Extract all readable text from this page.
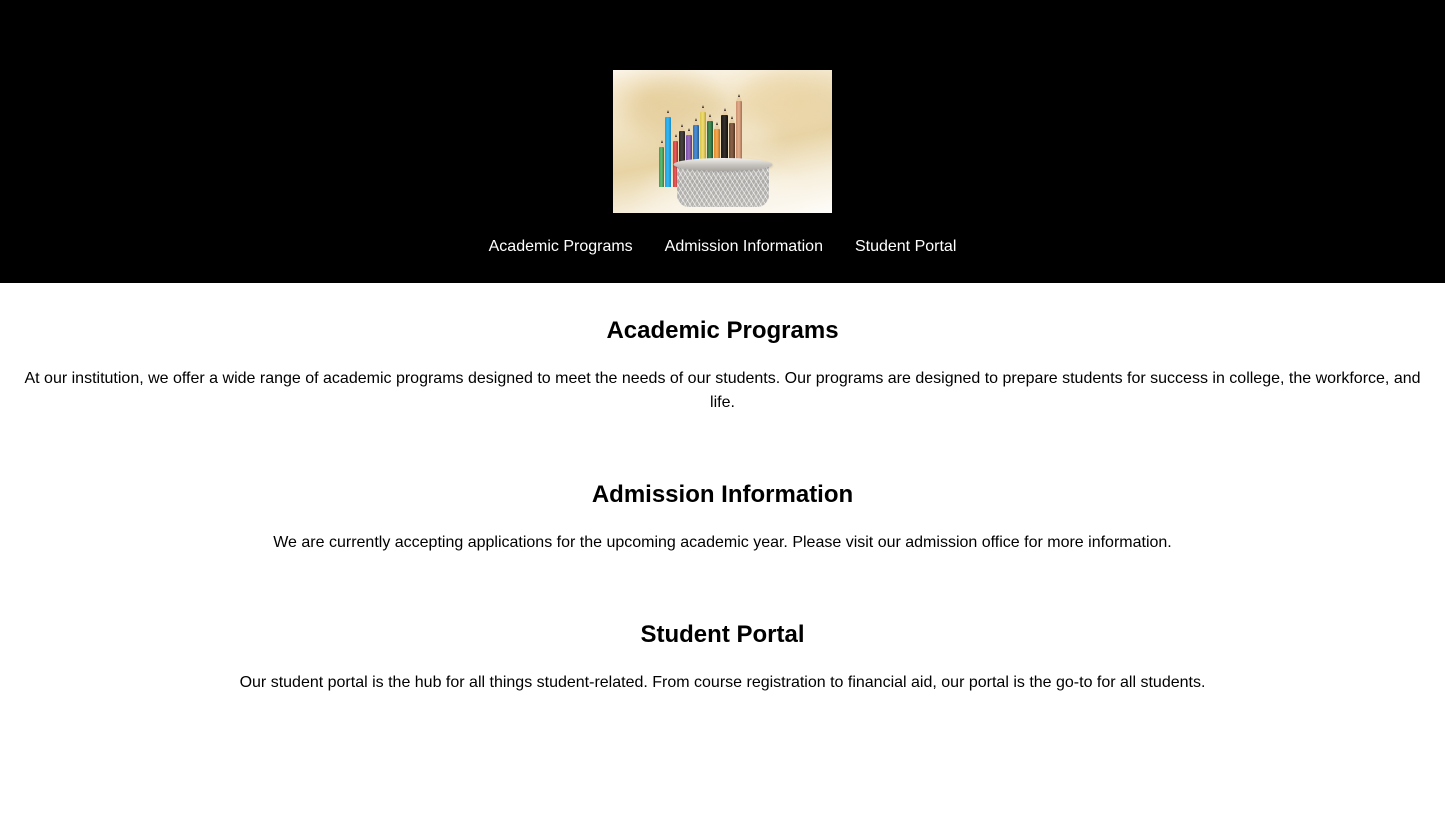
Academic Programs	Admission Information	Student Portal
Academic Programs

At our institution, we offer a wide range of academic programs designed to meet the needs of our students. Our programs are designed to prepare students for success in college, the workforce, and life.

Admission Information

We are currently accepting applications for the upcoming academic year. Please visit our admission office for more information.

Student Portal

Our student portal is the hub for all things student-related. From course registration to financial aid, our portal is the go-to for all students.
